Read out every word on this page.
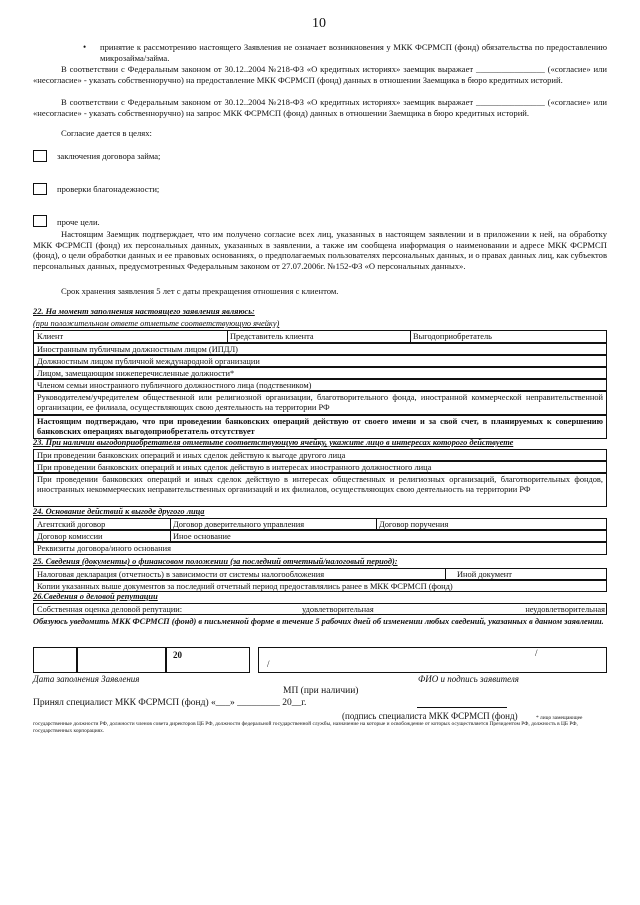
10
• принятие к рассмотрению настоящего Заявления не означает возникновения у МКК ФСРМСП (фонд) обязательства по предоставлению микрозайма/займа.
В соответствии с Федеральным законом от 30.12..2004 №218-ФЗ «О кредитных историях» заемщик выражает ________________ («согласие» или «несогласие» - указать собственноручно) на предоставление МКК ФСРМСП (фонд) данных в отношении Заемщика в бюро кредитных историй.
В соответствии с Федеральным законом от 30.12..2004 №218-ФЗ «О кредитных историях» заемщик выражает ________________ («согласие» или «несогласие» - указать собственноручно) на запрос МКК ФСРМСП (фонд) данных в отношении Заемщика в бюро кредитных историй.
Согласие дается в целях:
заключения договора займа;
проверки благонадежности;
проче цели.
Настоящим Заемщик подтверждает, что им получено согласие всех лиц, указанных в настоящем заявлении и в приложении к ней, на обработку МКК ФСРМСП (фонд) их персональных данных, указанных в заявлении, а также им сообщена информация о наименовании и адресе МКК ФСРМСП (фонд), о цели обработки данных и ее правовых основаниях, о предполагаемых пользователях персональных данных, и о правах данных лиц, как субъектов персональных данных, предусмотренных Федеральным законом от 27.07.2006г. №152-ФЗ «О персональных данных».
Срок хранения заявления 5 лет с даты прекращения отношения с клиентом.
22. На момент заполнения настоящего заявления являюсь:
(при положительном ответе отметьте соответствующую ячейку)
Клиент	Представитель клиента	Выгодоприобретатель
Иностранным публичным должностным лицом (ИПДЛ)
Должностным лицом публичной международной организации
Лицом, замещающим нижеперечисленные должности*
Членом семьи иностранного публичного должностного лица (подствеником)
Руководителем/учредителем общественной или религиозной организации, благотворительного фонда, иностранной коммерческой неправительственной организации, ее филиала, осуществляющих свою деятельность на территории РФ
Настоящим подтверждаю, что при проведении банковских операций действую от своего имени и за свой счет, в планируемых к совершению банковских операциях выгодоприобретатель отсутствует
23. При наличии выгодоприобретателя отметьте соответствующую ячейку, укажите лицо в интересах которого действуете
При проведении банковских операций и иных сделок действую к выгоде другого лица
При проведении банковских операций и иных сделок действую в интересах иностранного должностного лица
При проведении банковских операций и иных сделок действую в интересах общественных и религиозных организаций, благотворительных фондов, иностранных некоммерческих неправительственных организаций и их филиалов, осуществляющих свою деятельность на территории РФ
24. Основание действий к выгоде другого лица
Агентский договор	Договор доверительного управления	Договор поручения
Договор комиссии	Иное основание
Реквизиты договора/иного основания
25. Сведения (документы) о финансовом положении (за последний отчетный/налоговый период):
Налоговая декларация (отчетность) в зависимости от системы налогообложения	Иной документ
Копии указанных выше документов за последний отчетный период предоставлялись ранее в МКК ФСРМСП (фонд)
26.Сведения о деловой репутации
Собственная оценка деловой репутации:	удовлетворительная	неудовлетворительная
Обязуюсь уведомить МКК ФСРМСП (фонд) в письменной форме в течение 5 рабочих дней об изменении любых сведений, указанных в данном заявлении.
20
/
/
Дата заполнения Заявления	ФИО и подпись заявителя
МП (при наличии)
Принял специалист МКК ФСРМСП (фонд) «___» _________ 20__г.
(подпись специалиста МКК ФСРМСП (фонд)	* лицо замещающее
государственные должности РФ, должности членов совета директоров ЦБ РФ, должности федеральной государственной службы, назначение на которые и освобождение от которых осуществляется Президентом РФ, должность в ЦБ РФ, государственных корпорациях.
